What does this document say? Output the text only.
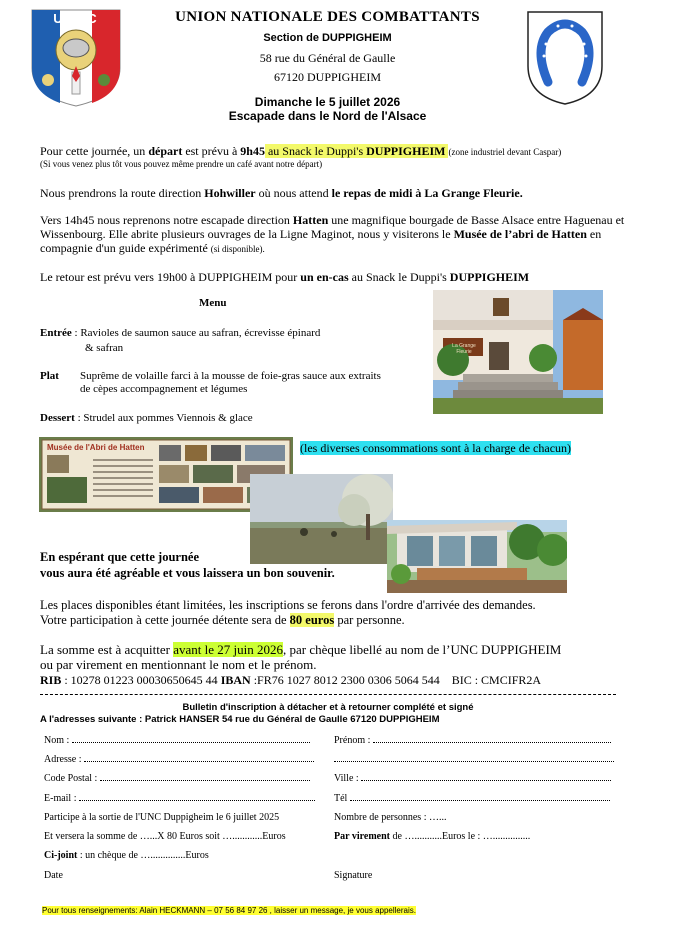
U N C	UNION NATIONALE DES COMBATTANTS
Section de DUPPIGHEIM
58 rue du Général de Gaulle
67120 DUPPIGHEIM
Dimanche le 5 juillet 2026
Escapade dans le Nord de l'Alsace
Pour cette journée, un départ est prévu à 9h45 au Snack le Duppi's DUPPIGHEIM (zone industriel devant Caspar)
(Si vous venez plus tôt vous pouvez même prendre un café avant notre départ)
Nous prendrons la route direction Hohwiller où nous attend le repas de midi à La Grange Fleurie.
Vers 14h45 nous reprenons notre escapade direction Hatten une magnifique bourgade de Basse Alsace entre Haguenau et Wissenbourg. Elle abrite plusieurs ouvrages de la Ligne Maginot, nous y visiterons le Musée de l’abri de Hatten en compagnie d'un guide expérimenté (si disponible).
Le retour est prévu vers 19h00 à DUPPIGHEIM pour un en-cas au Snack le Duppi's DUPPIGHEIM
Menu
Entrée : Ravioles de saumon sauce au safran, écrevisse épinard
& safran
Plat	Suprême de volaille farci à la mousse de foie-gras sauce aux extraits
de cèpes accompagnement et légumes
Dessert : Strudel aux pommes Viennois & glace
La Grange Fleurie
Musée de l'Abri de Hatten	(les diverses consommations sont à la charge de chacun)
En espérant que cette journée
vous aura été agréable et vous laissera un bon souvenir.
Les places disponibles étant limitées, les inscriptions se ferons dans l'ordre d'arrivée des demandes.
Votre participation à cette journée détente sera de 80 euros par personne.
La somme est à acquitter avant le 27 juin 2026, par chèque libellé au nom de l’UNC DUPPIGHEIM
ou par virement en mentionnant le nom et le prénom.
RIB : 10278 01223 00030650645 44 IBAN :FR76 1027 8012 2300 0306 5064 544 BIC : CMCIFR2A
Bulletin d'inscription à détacher et à retourner complété et signé
A l'adresses suivante : Patrick HANSER 54 rue du Général de Gaulle 67120 DUPPIGHEIM
Nom :	Prénom :
Adresse :
Code Postal :	Ville :
E-mail :	Tél
Participe à la sortie de l'UNC Duppigheim le 6 juillet 2025	Nombre de personnes : …...
Et versera la somme de …...X 80 Euros soit …............Euros	Par virement de …...........Euros le : …...............
Ci-joint : un chèque de …..............Euros
Date	Signature
Pour tous renseignements: Alain HECKMANN – 07 56 84 97 26 , laisser un message, je vous appellerais.
